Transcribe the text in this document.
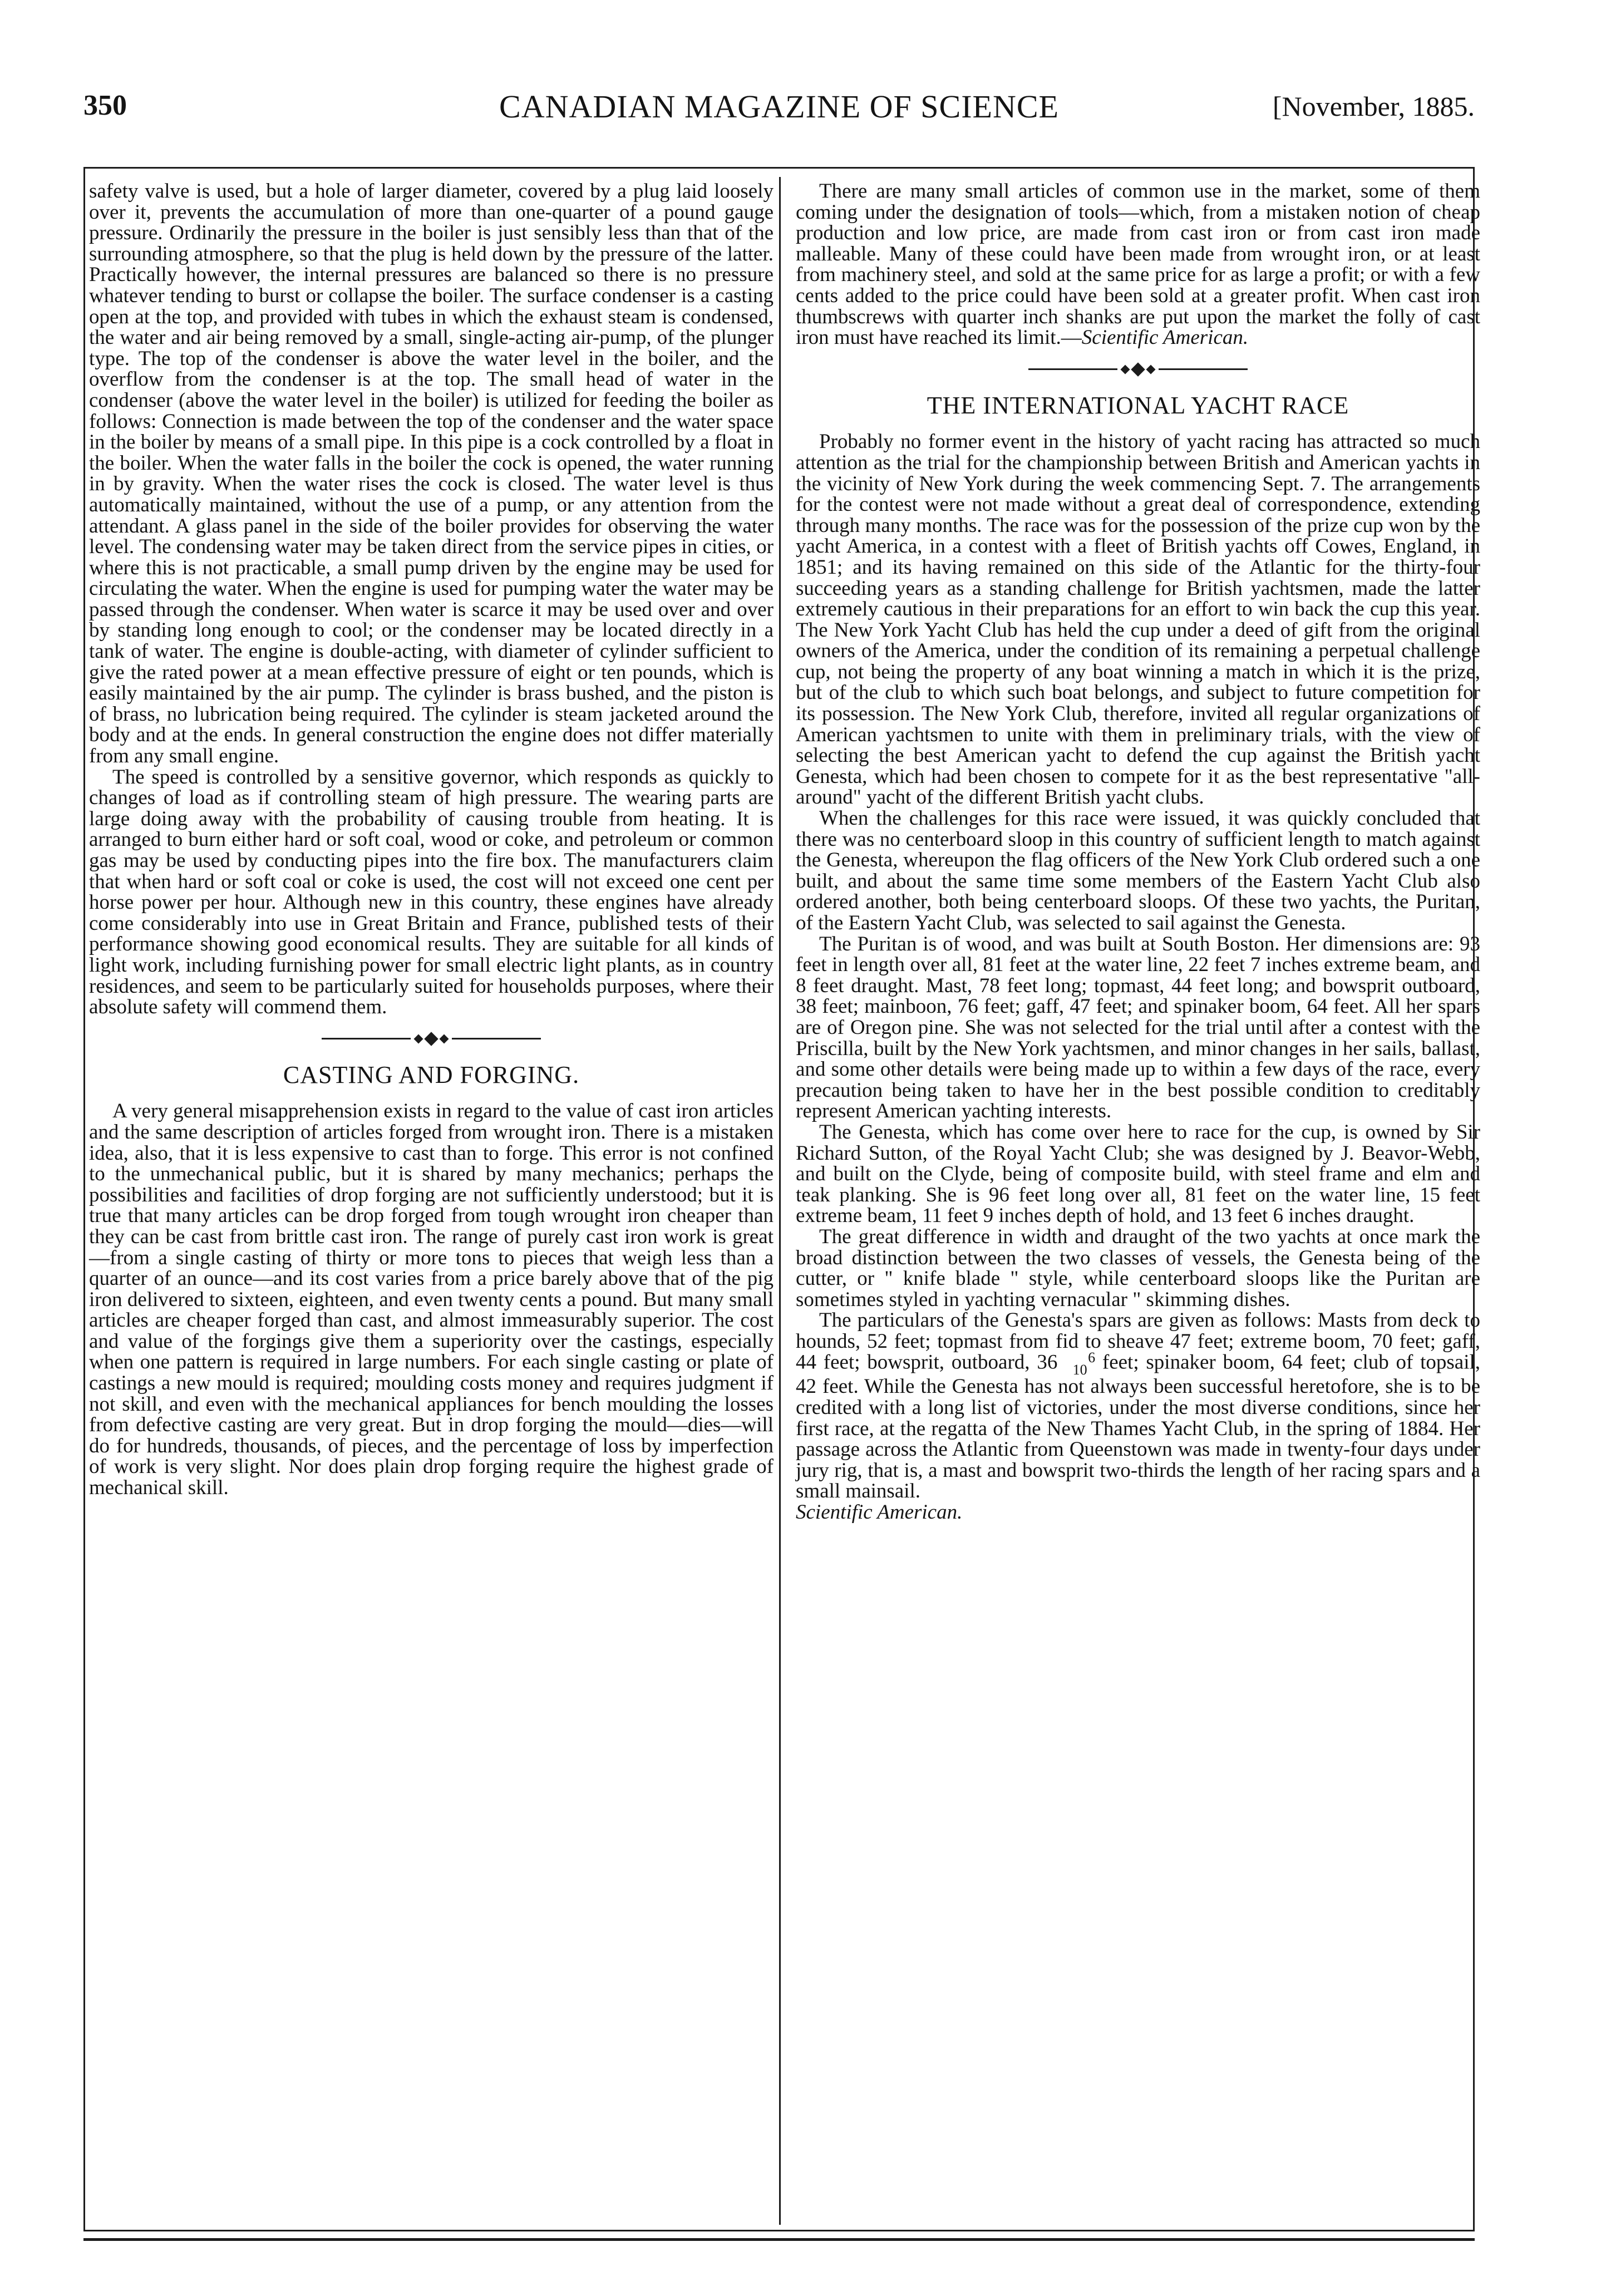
350	CANADIAN MAGAZINE OF SCIENCE	[November, 1885.

safety valve is used, but a hole of larger diameter, covered by a plug laid loosely over it, prevents the accumulation of more than one-quarter of a pound gauge pressure. Ordinarily the pressure in the boiler is just sensibly less than that of the surrounding atmosphere, so that the plug is held down by the pressure of the latter. Practically however, the internal pressures are balanced so there is no pressure whatever tending to burst or collapse the boiler. The surface condenser is a casting open at the top, and provided with tubes in which the exhaust steam is condensed, the water and air being removed by a small, single-acting air-pump, of the plunger type. The top of the condenser is above the water level in the boiler, and the overflow from the condenser is at the top. The small head of water in the condenser (above the water level in the boiler) is utilized for feeding the boiler as follows: Connection is made between the top of the condenser and the water space in the boiler by means of a small pipe. In this pipe is a cock controlled by a float in the boiler. When the water falls in the boiler the cock is opened, the water running in by gravity. When the water rises the cock is closed. The water level is thus automatically maintained, without the use of a pump, or any attention from the attendant. A glass panel in the side of the boiler provides for observing the water level. The condensing water may be taken direct from the service pipes in cities, or where this is not practicable, a small pump driven by the engine may be used for circulating the water. When the engine is used for pumping water the water may be passed through the condenser. When water is scarce it may be used over and over by standing long enough to cool; or the condenser may be located directly in a tank of water. The engine is double-acting, with diameter of cylinder sufficient to give the rated power at a mean effective pressure of eight or ten pounds, which is easily maintained by the air pump. The cylinder is brass bushed, and the piston is of brass, no lubrication being required. The cylinder is steam jacketed around the body and at the ends. In general construction the engine does not differ materially from any small engine.

The speed is controlled by a sensitive governor, which responds as quickly to changes of load as if controlling steam of high pressure. The wearing parts are large doing away with the probability of causing trouble from heating. It is arranged to burn either hard or soft coal, wood or coke, and petroleum or common gas may be used by conducting pipes into the fire box. The manufacturers claim that when hard or soft coal or coke is used, the cost will not exceed one cent per horse power per hour. Although new in this country, these engines have already come considerably into use in Great Britain and France, published tests of their performance showing good economical results. They are suitable for all kinds of light work, including furnishing power for small electric light plants, as in country residences, and seem to be particularly suited for households purposes, where their absolute safety will commend them.

CASTING AND FORGING.

A very general misapprehension exists in regard to the value of cast iron articles and the same description of articles forged from wrought iron. There is a mistaken idea, also, that it is less expensive to cast than to forge. This error is not confined to the unmechanical public, but it is shared by many mechanics; perhaps the possibilities and facilities of drop forging are not sufficiently understood; but it is true that many articles can be drop forged from tough wrought iron cheaper than they can be cast from brittle cast iron. The range of purely cast iron work is great—from a single casting of thirty or more tons to pieces that weigh less than a quarter of an ounce—and its cost varies from a price barely above that of the pig iron delivered to sixteen, eighteen, and even twenty cents a pound. But many small articles are cheaper forged than cast, and almost immeasurably superior. The cost and value of the forgings give them a superiority over the castings, especially when one pattern is required in large numbers. For each single casting or plate of castings a new mould is required; moulding costs money and requires judgment if not skill, and even with the mechanical appliances for bench moulding the losses from defective casting are very great. But in drop forging the mould—dies—will do for hundreds, thousands, of pieces, and the percentage of loss by imperfection of work is very slight. Nor does plain drop forging require the highest grade of mechanical skill.

There are many small articles of common use in the market, some of them coming under the designation of tools—which, from a mistaken notion of cheap production and low price, are made from cast iron or from cast iron made malleable. Many of these could have been made from wrought iron, or at least from machinery steel, and sold at the same price for as large a profit; or with a few cents added to the price could have been sold at a greater profit. When cast iron thumbscrews with quarter inch shanks are put upon the market the folly of cast iron must have reached its limit.—Scientific American.

THE INTERNATIONAL YACHT RACE

Probably no former event in the history of yacht racing has attracted so much attention as the trial for the championship between British and American yachts in the vicinity of New York during the week commencing Sept. 7. The arrangements for the contest were not made without a great deal of correspondence, extending through many months. The race was for the possession of the prize cup won by the yacht America, in a contest with a fleet of British yachts off Cowes, England, in 1851; and its having remained on this side of the Atlantic for the thirty-four succeeding years as a standing challenge for British yachtsmen, made the latter extremely cautious in their preparations for an effort to win back the cup this year. The New York Yacht Club has held the cup under a deed of gift from the original owners of the America, under the condition of its remaining a perpetual challenge cup, not being the property of any boat winning a match in which it is the prize, but of the club to which such boat belongs, and subject to future competition for its possession. The New York Club, therefore, invited all regular organizations of American yachtsmen to unite with them in preliminary trials, with the view of selecting the best American yacht to defend the cup against the British yacht Genesta, which had been chosen to compete for it as the best representative "all-around" yacht of the different British yacht clubs.

When the challenges for this race were issued, it was quickly concluded that there was no centerboard sloop in this country of sufficient length to match against the Genesta, whereupon the flag officers of the New York Club ordered such a one built, and about the same time some members of the Eastern Yacht Club also ordered another, both being centerboard sloops. Of these two yachts, the Puritan, of the Eastern Yacht Club, was selected to sail against the Genesta.

The Puritan is of wood, and was built at South Boston. Her dimensions are: 93 feet in length over all, 81 feet at the water line, 22 feet 7 inches extreme beam, and 8 feet draught. Mast, 78 feet long; topmast, 44 feet long; and bowsprit outboard, 38 feet; mainboon, 76 feet; gaff, 47 feet; and spinaker boom, 64 feet. All her spars are of Oregon pine. She was not selected for the trial until after a contest with the Priscilla, built by the New York yachtsmen, and minor changes in her sails, ballast, and some other details were being made up to within a few days of the race, every precaution being taken to have her in the best possible condition to creditably represent American yachting interests.

The Genesta, which has come over here to race for the cup, is owned by Sir Richard Sutton, of the Royal Yacht Club; she was designed by J. Beavor-Webb, and built on the Clyde, being of composite build, with steel frame and elm and teak planking. She is 96 feet long over all, 81 feet on the water line, 15 feet extreme beam, 11 feet 9 inches depth of hold, and 13 feet 6 inches draught.

The great difference in width and draught of the two yachts at once mark the broad distinction between the two classes of vessels, the Genesta being of the cutter, or " knife blade " style, while centerboard sloops like the Puritan are sometimes styled in yachting vernacular " skimming dishes.

The particulars of the Genesta's spars are given as follows: Masts from deck to hounds, 52 feet; topmast from fid to sheave 47 feet; extreme boom, 70 feet; gaff, 44 feet; bowsprit, outboard, 36 6
10 feet; spinaker boom, 64 feet; club of topsail, 42 feet. While the Genesta has not always been successful heretofore, she is to be credited with a long list of victories, under the most diverse conditions, since her first race, at the regatta of the New Thames Yacht Club, in the spring of 1884. Her passage across the Atlantic from Queenstown was made in twenty-four days under jury rig, that is, a mast and bowsprit two-thirds the length of her racing spars and a small mainsail.

Scientific American.
